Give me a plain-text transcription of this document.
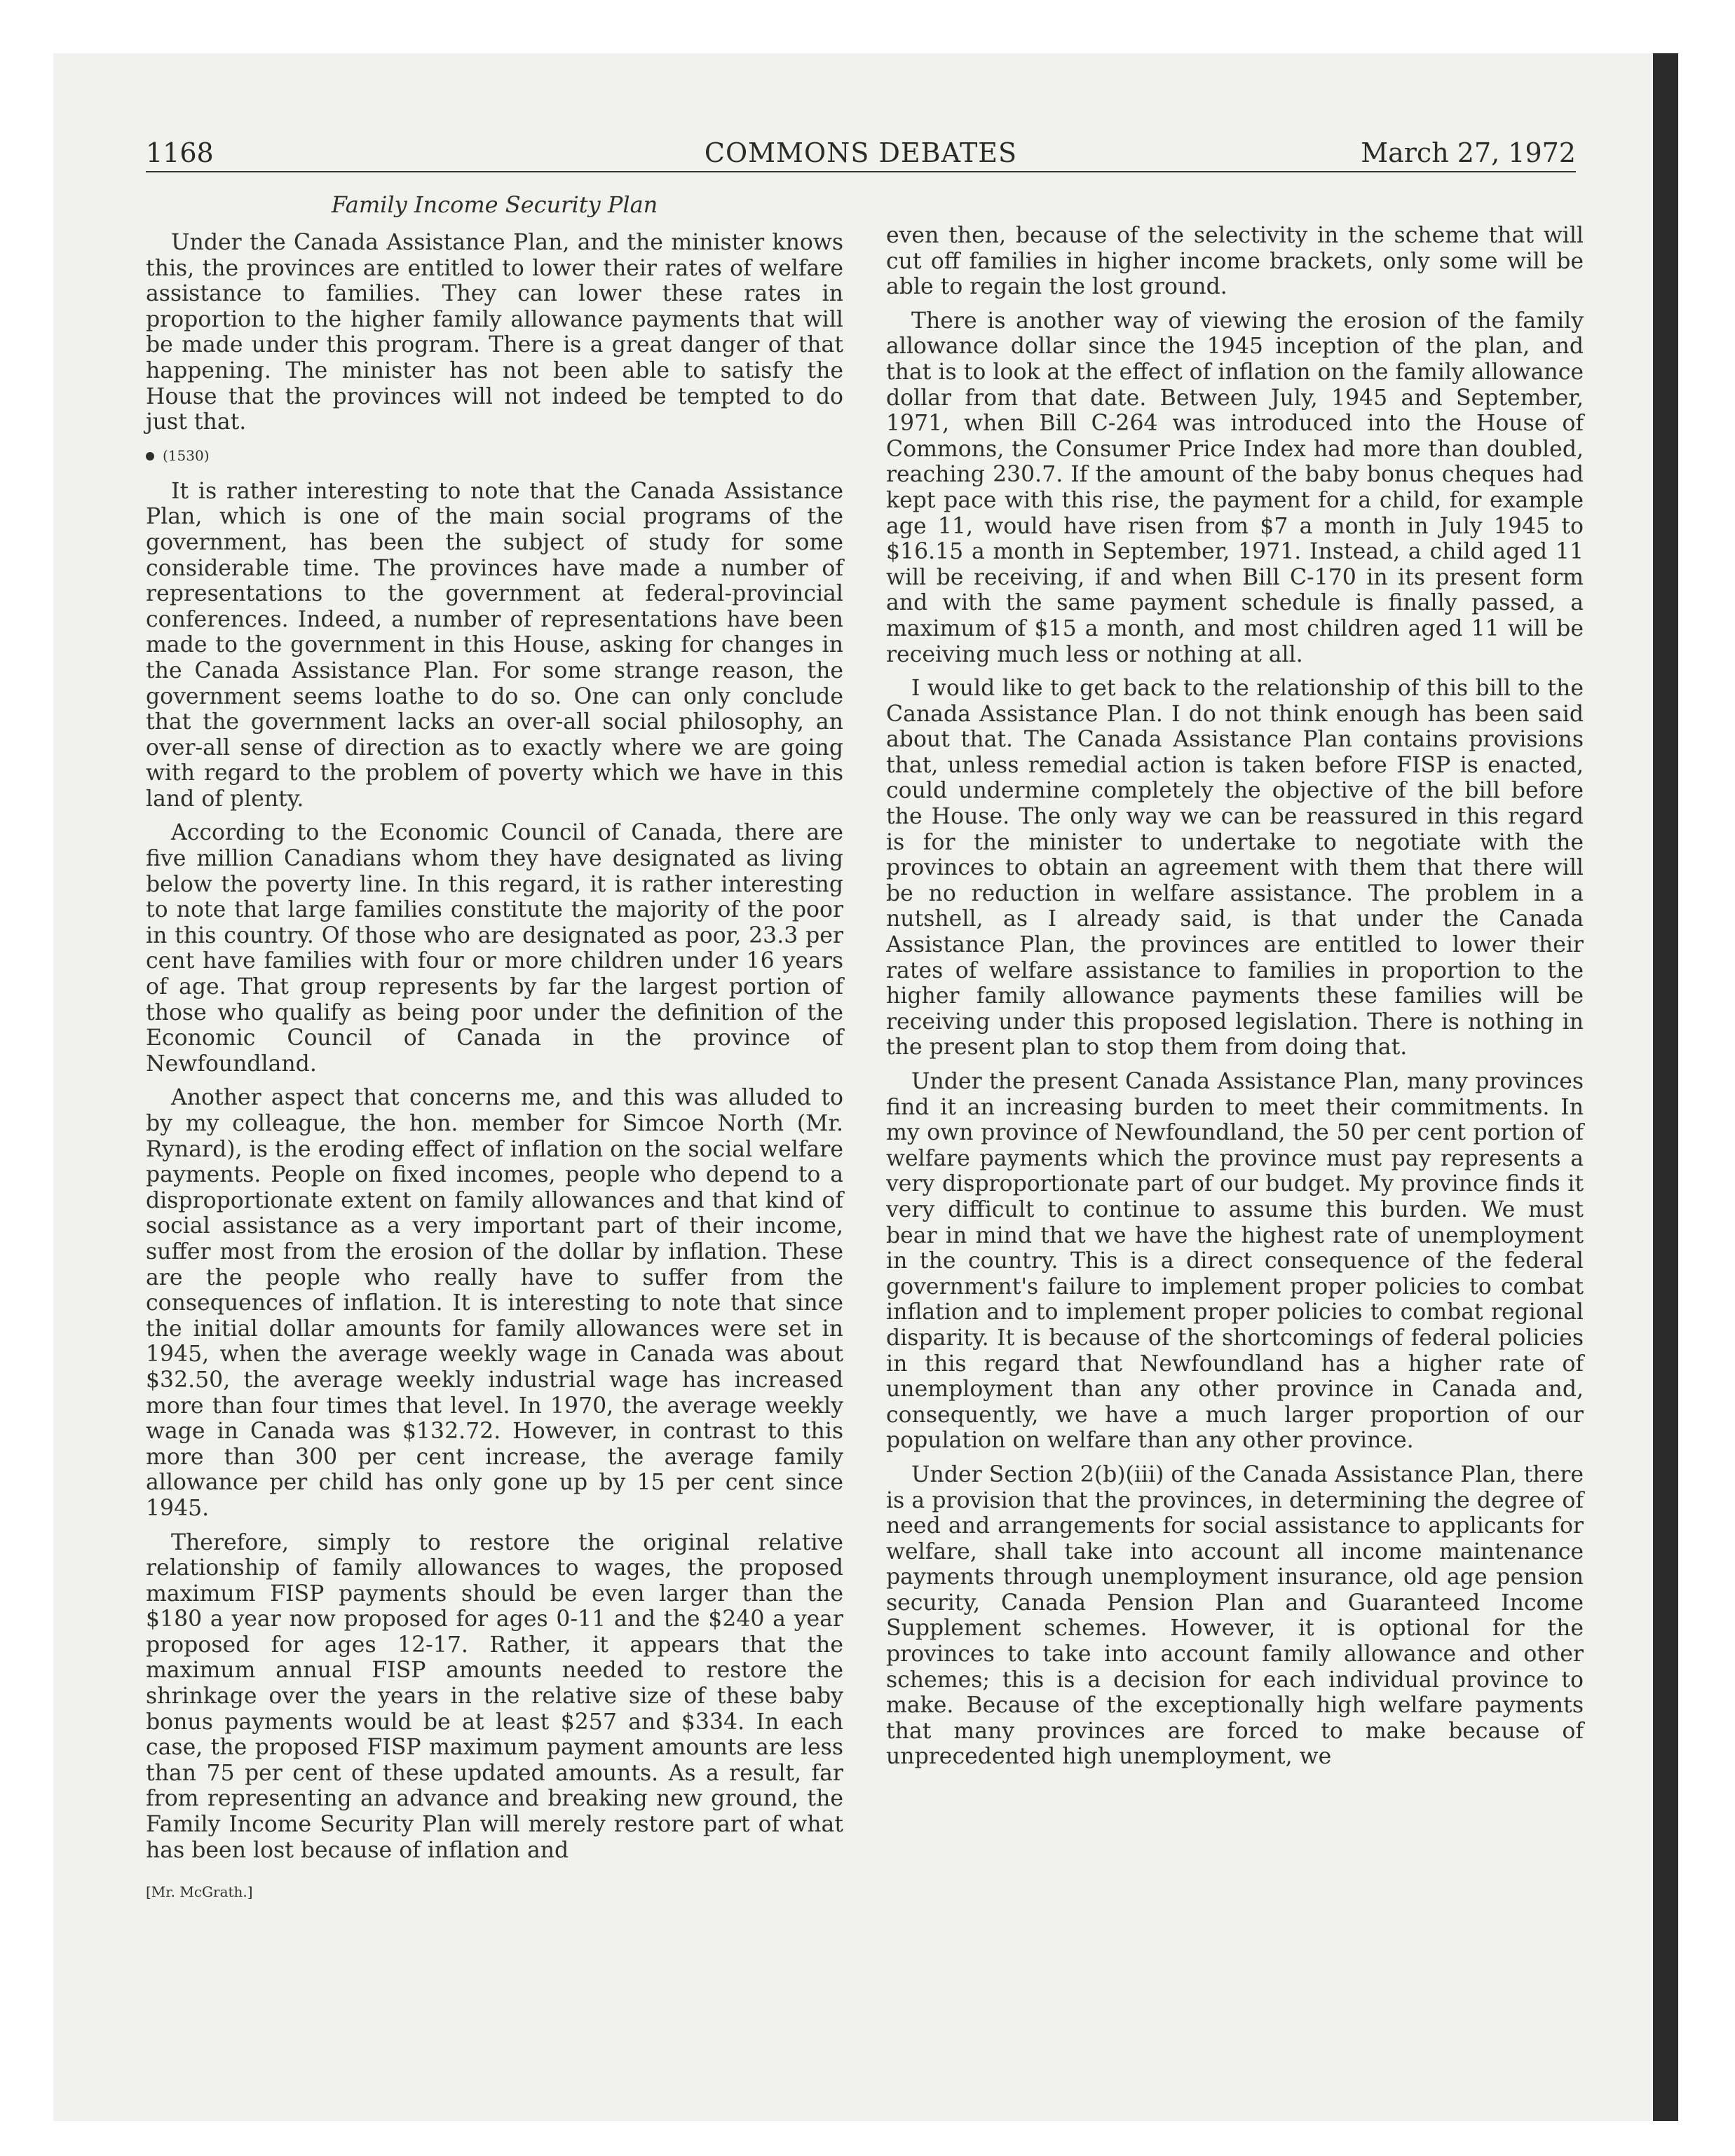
1168	COMMONS DEBATES	March 27, 1972
Family Income Security Plan

Under the Canada Assistance Plan, and the minister knows this, the provinces are entitled to lower their rates of welfare assistance to families. They can lower these rates in proportion to the higher family allowance payments that will be made under this program. There is a great danger of that happening. The minister has not been able to satisfy the House that the provinces will not indeed be tempted to do just that.

(1530)

It is rather interesting to note that the Canada Assistance Plan, which is one of the main social programs of the government, has been the subject of study for some considerable time. The provinces have made a number of representations to the government at federal-provincial conferences. Indeed, a number of representations have been made to the government in this House, asking for changes in the Canada Assistance Plan. For some strange reason, the government seems loathe to do so. One can only conclude that the government lacks an over-all social philosophy, an over-all sense of direction as to exactly where we are going with regard to the problem of poverty which we have in this land of plenty.

According to the Economic Council of Canada, there are five million Canadians whom they have designated as living below the poverty line. In this regard, it is rather interesting to note that large families constitute the majority of the poor in this country. Of those who are designated as poor, 23.3 per cent have families with four or more children under 16 years of age. That group represents by far the largest portion of those who qualify as being poor under the definition of the Economic Council of Canada in the province of Newfoundland.

Another aspect that concerns me, and this was alluded to by my colleague, the hon. member for Simcoe North (Mr. Rynard), is the eroding effect of inflation on the social welfare payments. People on fixed incomes, people who depend to a disproportionate extent on family allowances and that kind of social assistance as a very important part of their income, suffer most from the erosion of the dollar by inflation. These are the people who really have to suffer from the consequences of inflation. It is interesting to note that since the initial dollar amounts for family allowances were set in 1945, when the average weekly wage in Canada was about $32.50, the average weekly industrial wage has increased more than four times that level. In 1970, the average weekly wage in Canada was $132.72. However, in contrast to this more than 300 per cent increase, the average family allowance per child has only gone up by 15 per cent since 1945.

Therefore, simply to restore the original relative relationship of family allowances to wages, the proposed maximum FISP payments should be even larger than the $180 a year now proposed for ages 0-11 and the $240 a year proposed for ages 12-17. Rather, it appears that the maximum annual FISP amounts needed to restore the shrinkage over the years in the relative size of these baby bonus payments would be at least $257 and $334. In each case, the proposed FISP maximum payment amounts are less than 75 per cent of these updated amounts. As a result, far from representing an advance and breaking new ground, the Family Income Security Plan will merely restore part of what has been lost because of inflation and

[Mr. McGrath.]

even then, because of the selectivity in the scheme that will cut off families in higher income brackets, only some will be able to regain the lost ground.

There is another way of viewing the erosion of the family allowance dollar since the 1945 inception of the plan, and that is to look at the effect of inflation on the family allowance dollar from that date. Between July, 1945 and September, 1971, when Bill C-264 was introduced into the House of Commons, the Consumer Price Index had more than doubled, reaching 230.7. If the amount of the baby bonus cheques had kept pace with this rise, the payment for a child, for example age 11, would have risen from $7 a month in July 1945 to $16.15 a month in September, 1971. Instead, a child aged 11 will be receiving, if and when Bill C-170 in its present form and with the same payment schedule is finally passed, a maximum of $15 a month, and most children aged 11 will be receiving much less or nothing at all.

I would like to get back to the relationship of this bill to the Canada Assistance Plan. I do not think enough has been said about that. The Canada Assistance Plan contains provisions that, unless remedial action is taken before FISP is enacted, could undermine completely the objective of the bill before the House. The only way we can be reassured in this regard is for the minister to undertake to negotiate with the provinces to obtain an agreement with them that there will be no reduction in welfare assistance. The problem in a nutshell, as I already said, is that under the Canada Assistance Plan, the provinces are entitled to lower their rates of welfare assistance to families in proportion to the higher family allowance payments these families will be receiving under this proposed legislation. There is nothing in the present plan to stop them from doing that.

Under the present Canada Assistance Plan, many provinces find it an increasing burden to meet their commitments. In my own province of Newfoundland, the 50 per cent portion of welfare payments which the province must pay represents a very disproportionate part of our budget. My province finds it very difficult to continue to assume this burden. We must bear in mind that we have the highest rate of unemployment in the country. This is a direct consequence of the federal government's failure to implement proper policies to combat inflation and to implement proper policies to combat regional disparity. It is because of the shortcomings of federal policies in this regard that Newfoundland has a higher rate of unemployment than any other province in Canada and, consequently, we have a much larger proportion of our population on welfare than any other province.

Under Section 2(b)(iii) of the Canada Assistance Plan, there is a provision that the provinces, in determining the degree of need and arrangements for social assistance to applicants for welfare, shall take into account all income maintenance payments through unemployment insurance, old age pension security, Canada Pension Plan and Guaranteed Income Supplement schemes. However, it is optional for the provinces to take into account family allowance and other schemes; this is a decision for each individual province to make. Because of the exceptionally high welfare payments that many provinces are forced to make because of unprecedented high unemployment, we
